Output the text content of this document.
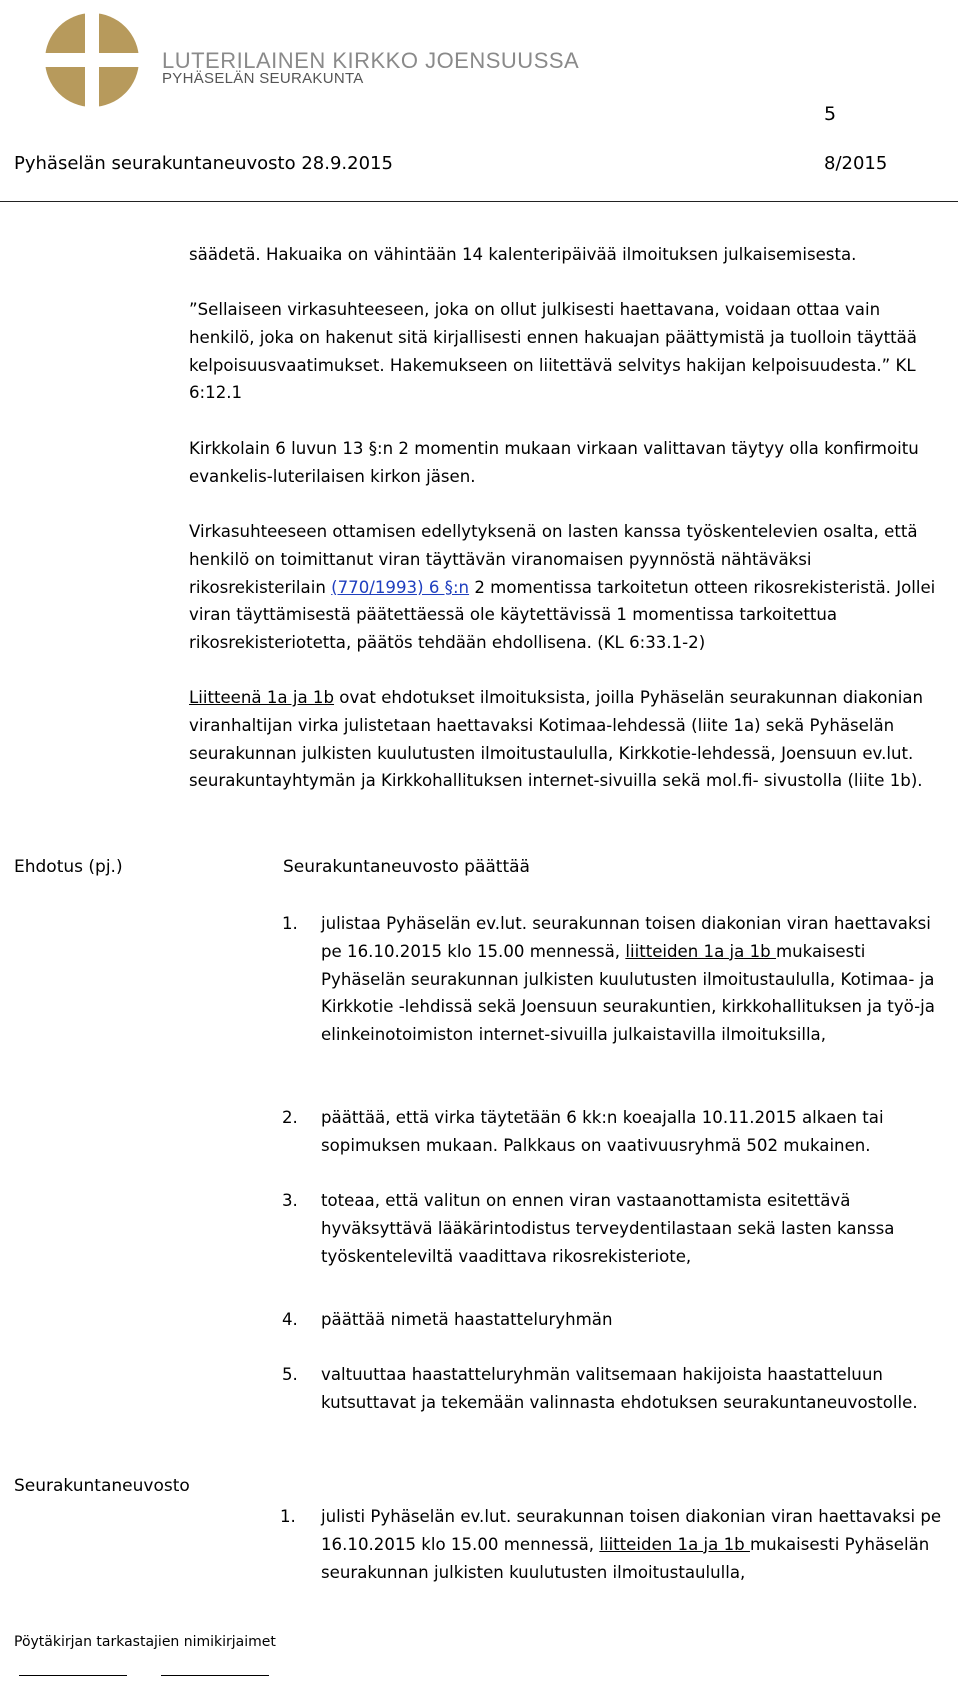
LUTERILAINEN KIRKKO JOENSUUSSA
PYHÄSELÄN SEURAKUNTA
5
Pyhäselän seurakuntaneuvosto 28.9.2015	8/2015

säädetä. Hakuaika on vähintään 14 kalenteripäivää ilmoituksen julkaisemisesta.

”Sellaiseen virkasuhteeseen, joka on ollut julkisesti haettavana, voidaan ottaa vain henkilö, joka on hakenut sitä kirjallisesti ennen hakuajan päättymistä ja tuolloin täyttää kelpoisuusvaatimukset. Hakemukseen on liitettävä selvitys hakijan kelpoisuudesta.” KL 6:12.1

Kirkkolain 6 luvun 13 §:n 2 momentin mukaan virkaan valittavan täytyy olla konfirmoitu evankelis-luterilaisen kirkon jäsen.

Virkasuhteeseen ottamisen edellytyksenä on lasten kanssa työskentelevien osalta, että henkilö on toimittanut viran täyttävän viranomaisen pyynnöstä nähtäväksi rikosrekisterilain (770/1993) 6 §:n 2 momentissa tarkoitetun otteen rikosrekisteristä. Jollei viran täyttämisestä päätettäessä ole käytettävissä 1 momentissa tarkoitettua rikosrekisteriotetta, päätös tehdään ehdollisena. (KL 6:33.1-2)

Liitteenä 1a ja 1b ovat ehdotukset ilmoituksista, joilla Pyhäselän seurakunnan diakonian viranhaltijan virka julistetaan haettavaksi Kotimaa-lehdessä (liite 1a) sekä Pyhäselän seurakunnan julkisten kuulutusten ilmoitustaululla, Kirkkotie-lehdessä, Joensuun ev.lut. seurakuntayhtymän ja Kirkkohallituksen internet-sivuilla sekä mol.fi- sivustolla (liite 1b).

Ehdotus (pj.)	Seurakuntaneuvosto päättää
1. julistaa Pyhäselän ev.lut. seurakunnan toisen diakonian viran haettavaksi pe 16.10.2015 klo 15.00 mennessä, liitteiden 1a ja 1b mukaisesti Pyhäselän seurakunnan julkisten kuulutusten ilmoitustaululla, Kotimaa- ja Kirkkotie -lehdissä sekä Joensuun seurakuntien, kirkkohallituksen ja työ-ja elinkeinotoimiston internet-sivuilla julkaistavilla ilmoituksilla,
2. päättää, että virka täytetään 6 kk:n koeajalla 10.11.2015 alkaen tai sopimuksen mukaan. Palkkaus on vaativuusryhmä 502 mukainen.
3. toteaa, että valitun on ennen viran vastaanottamista esitettävä hyväksyttävä lääkärintodistus terveydentilastaan sekä lasten kanssa työskenteleviltä vaadittava rikosrekisteriote,
4. päättää nimetä haastatteluryhmän
5. valtuuttaa haastatteluryhmän valitsemaan hakijoista haastatteluun kutsuttavat ja tekemään valinnasta ehdotuksen seurakuntaneuvostolle.
Seurakuntaneuvosto
1. julisti Pyhäselän ev.lut. seurakunnan toisen diakonian viran haettavaksi pe 16.10.2015 klo 15.00 mennessä, liitteiden 1a ja 1b mukaisesti Pyhäselän seurakunnan julkisten kuulutusten ilmoitustaululla,
Pöytäkirjan tarkastajien nimikirjaimet
